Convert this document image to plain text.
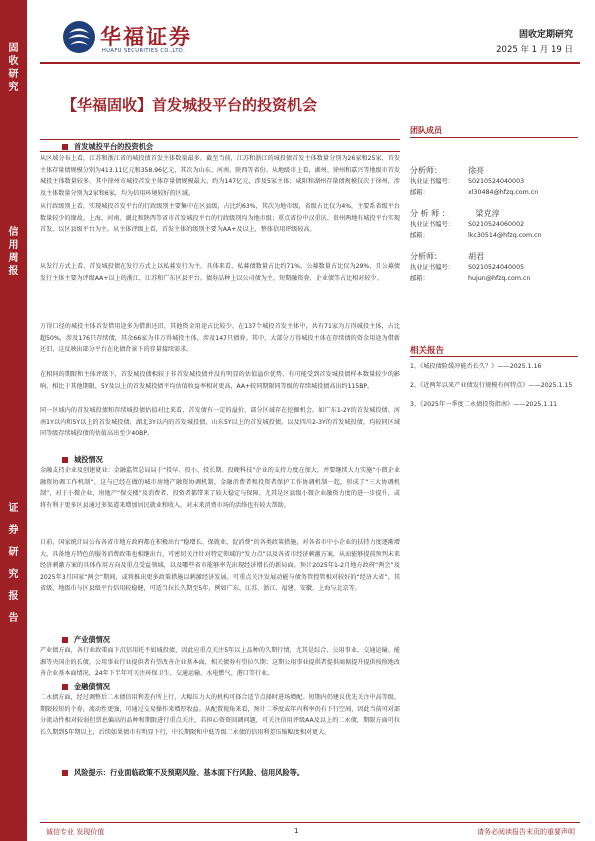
固
收
研
究
信
用
周
报
证
券
研
究
报
告
华福证券
HUAFU SECURITIES CO.,LTD.
固收定期研究
2025 年 1 月 19 日
【华福固收】首发城投平台的投资机会
首发城投平台的投资机会
从区域分布上看，江苏和浙江省的城投债首发主体数量最多。截至当前，江苏和浙江的城投债首发主体数量分别为26家和25家，首发主体存量债规模分别为413.11亿元和358.96亿元，其次为山东、河南、陕西等省份。从地级市上看，湖州、徐州和嘉兴等地级市首发城投主体数量较多。其中徐州市城投首发主体存量债规模最大，约为147亿元，涉及5家主体；咸阳和湖州存量债规模仅次于徐州，涉及主体数量分别为2家和6家，均为信用环境较好的区域。
从行政级别上看，实现城投首发平台的行政级别主要集中在区县级，占比约63%，其次为地市级，省级占比仅为4%，主要系省级平台数量较少的缘故。上海、河南、湖北和陕西等省市首发城投平台的行政级别均为地市级；重点省份中汉重庆、贵州两地有城投平台实现首发，以区县级平台为主。从主体评级上看，首发主体的级别主要为AA+及以上，整体信用评级较高。
从发行方式上看，首发城投债在发行方式上以私募发行为主。具体来看，私募债数量占比约71%，公募数量占比仅为29%，且公募债发行主体主要为评级AA+以上的浙江、江苏和广东区县平台。债券品种上以公司债为主，短期融资券、企业债等占比相对较少。
万得口径的城投主体首发借用途多为借新还旧，其他资金用途占比较少。在137个城投首发主体中，共有71家为万得城投主体，占比超50%，涉及176只存续债，其余66家为非万得城投主体，涉及147只债券。其中，大部分万得城投主体在存续债的资金用途为借新还旧，这反映出部分平台在化债背景下的存量接续需求。
在相同的期限和主体评级下，首发城投债相较于非首发城投债并没有明显的估值溢价优势，有可能受到首发城投债样本数量较少的影响。相比于其他期限，5Y及以上的首发城投债平均估值收益率相对更高，AA+较同期限同等级的存续城投债高出约115BP。
同一区域内的首发城投债和存续城投债估值对比来看，首发债有一定的溢价，部分区域存在挖掘机会。如广东1-2Y的首发城投债、河南1Y以内和5Y以上的首发城投债、湖北3Y以内的首发城投债、山东5Y以上的首发城投债，以及四川2-3Y的首发城投债，均较同区域同等级存续城投债的估值高出至少40BP。
城投情况
金融支持企业及创建就业：金融监管总局局于“投早、投小、投长期、投硬科技”企业的支持力度在加大，并要继续大力实施“小微企业融资协调工作机制”，这与已经在做的城市房地产融资协调机制、金融消费者和投资者保护工作协调机制一起，形成了“三大协调机制”，对于小微企业、房地产“保交楼”及消费者、投资者都带来了较大稳定与保障。尤其是区县级小微企业融资力度的进一步提升，或将有利于更多区县通过多渠道来增加居民就业和收入，对未来消费市场的活络也有较大帮助。
日前，国家统计局公布各省市地方政府都在积极出台“稳增长、保就业、促消费”的各类政策措施，对各省市中小企业的扶持力度逐渐增大，具备地方特色的服务消费政策也相继出台，可密切关注针对特定领域的“发力点”以及各省市经济刺激方案，从而能够提前预判未来经济刺激方案的具体作用方向及重点受益领域，以及哪些省市能够率先出现经济增长的新局面。预计2025年1-2月地方政府“两会”及2025年3月国家“两会”期间，或将推出更多政策措施以刺激经济发展。可重点关注发展动能与债务管控管相对较好的“经济大省”，其省级、地级市与区县级平台信用较稳健，可适当拉长久期至5年，例如广东、江苏、浙江、福建、安徽、上海与北京等。
产业债情况
产业债方面，各行业政策面下沉信用托不如城投债，因此应重点关注5年以上品种的久期行情，尤其是综合、公用事业、交通运输、能源等央国企的长债。公用事业行业提供者有望改善企业基本面，相关债券有望拉久期；这期公用事业提供者提供商据提升提供按照地改善企业基本面情况，24年下半年可关注环保卫生、交通运输、水电燃气、港口等行业。
金融债情况
二永债方面，经过调整后二永债信用利差有所上行，大幅压力大的机构可择合适节点择时进场增配。短期内仍建议优先关注中高等级、期限较短的个券，流动性更强，可通过交易操作来增厚收益。从配置视角来看，预计二季度或年内利率仍有下行空间，因此当前可对部分流动性相对较弱但票息偏高的品种和期限进行重点关注，若担心资资回调问题，可关注信用评级AA及以上的二永债，期限方面可拉长久期到5年期以上，后续如果债市有明显下行，中长期限和中低等级二永债的信用利差压缩幅度相对更大。
风险提示：行业面临政策不及预期风险、基本面下行风险、信用风险等。
团队成员
分析师：	徐亮
执业证书编号： S0210524040003
邮箱：	xl30484@hfzq.com.cn
分 析 师 ：	梁克淳
执业证书编号： S0210524060002
邮箱：	lkc30514@hfzq.com.cn
分析师：	胡君
执业证书编号： S0210524040005
邮箱：	hujun@hfzq.com.cn
相关报告
1、《城投债险缓冲能否长久？》——2025.1.16
2、《近两年以来产业债发行规模有何特点》——2025.1.15
3、《2025年一季度二永债投资指南》——2025.1.11
诚信专业 发现价值	1	请务必阅读报告末页的重要声明
